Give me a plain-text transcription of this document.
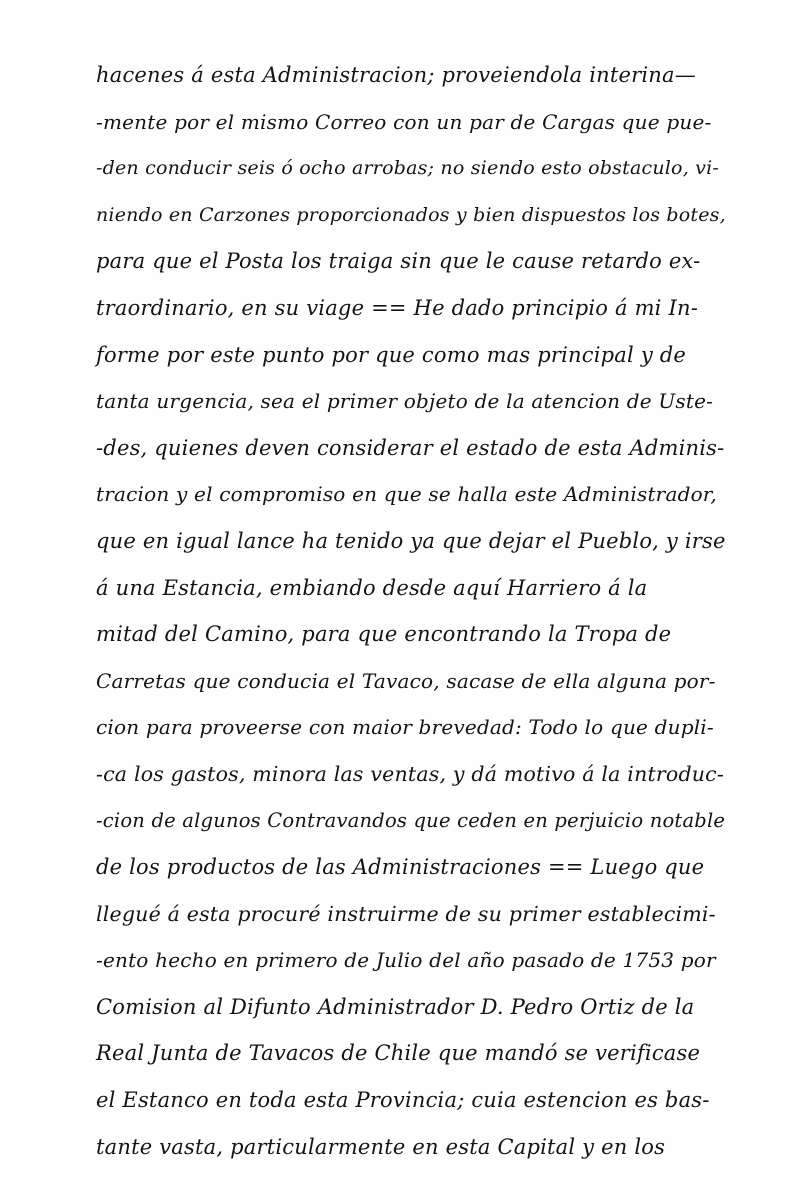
hacenes á esta Administracion; proveiendola interina—
-mente por el mismo Correo con un par de Cargas que pue-
-den conducir seis ó ocho arrobas; no siendo esto obstaculo, vi-
niendo en Carzones proporcionados y bien dispuestos los botes,
para que el Posta los traiga sin que le cause retardo ex-
traordinario, en su viage == He dado principio á mi In-
forme por este punto por que como mas principal y de
tanta urgencia, sea el primer objeto de la atencion de Uste-
-des, quienes deven considerar el estado de esta Adminis-
tracion y el compromiso en que se halla este Administrador,
que en igual lance ha tenido ya que dejar el Pueblo, y irse
á una Estancia, embiando desde aquí Harriero á la
mitad del Camino, para que encontrando la Tropa de
Carretas que conducia el Tavaco, sacase de ella alguna por-
cion para proveerse con maior brevedad: Todo lo que dupli-
-ca los gastos, minora las ventas, y dá motivo á la introduc-
-cion de algunos Contravandos que ceden en perjuicio notable
de los productos de las Administraciones == Luego que
llegué á esta procuré instruirme de su primer establecimi-
-ento hecho en primero de Julio del año pasado de 1753 por
Comision al Difunto Administrador D. Pedro Ortiz de la
Real Junta de Tavacos de Chile que mandó se verificase
el Estanco en toda esta Provincia; cuia estencion es bas-
tante vasta, particularmente en esta Capital y en los
